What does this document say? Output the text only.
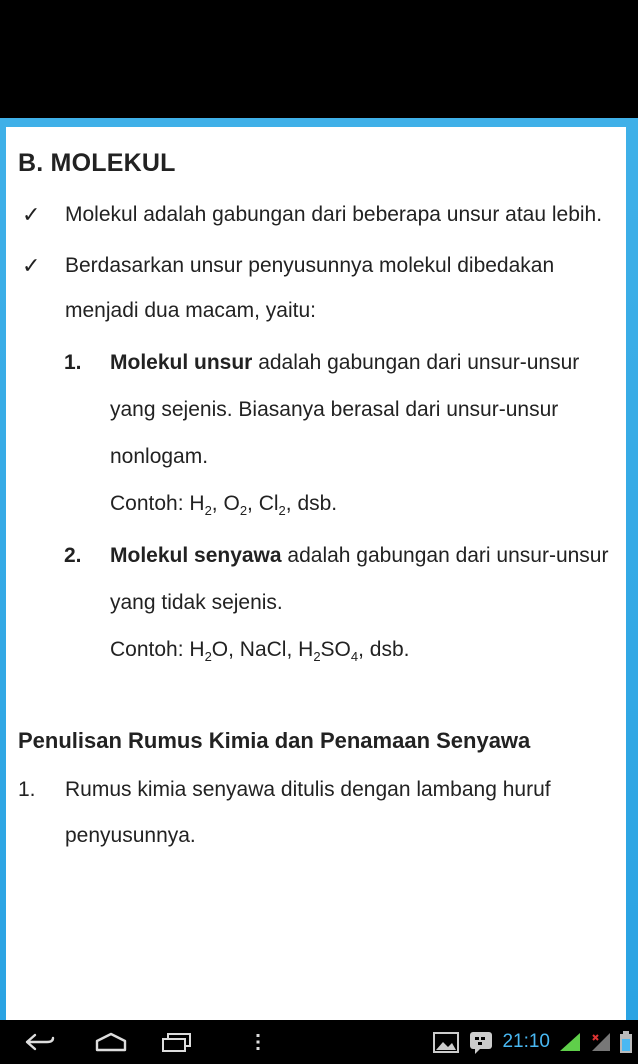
B. MOLEKUL
✓ Molekul adalah gabungan dari beberapa unsur atau lebih.
✓ Berdasarkan unsur penyusunnya molekul dibedakan menjadi dua macam, yaitu:
1. Molekul unsur adalah gabungan dari unsur-unsur yang sejenis. Biasanya berasal dari unsur-unsur nonlogam.
Contoh: $H_2$, $O_2$, $Cl_2$, dsb.
2. Molekul senyawa adalah gabungan dari unsur-unsur yang tidak sejenis.
Contoh: $H_2O$, NaCl, $H_2SO_4$, dsb.
Penulisan Rumus Kimia dan Penamaan Senyawa
1. Rumus kimia senyawa ditulis dengan lambang huruf penyusunnya.
21:10
